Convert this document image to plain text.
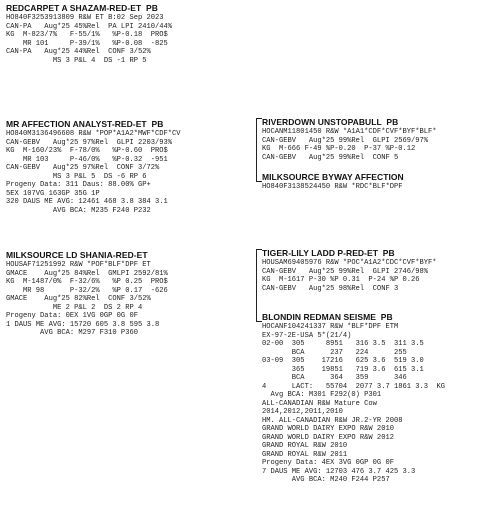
REDCARPET A SHAZAM-RED-ET  PB
HO840F3253913809 R&W ET B:02 Sep 2023
CAN-PA   Aug*25 45%Rel  PA LPI 2410/44%
KG  M-823/7%   F-55/1%   %P-0.18  PRO$
MR 101     P-39/1%   %P-0.08  -825
CAN-PA   Aug*25 44%Rel  CONF 3/52%
MS 3 P&L 4  DS -1 RP 5
MR AFFECTION ANALYST-RED-ET  PB
HO840M3136496608 R&W *POP*A1A2*MWF*CDF*CV
CAN-GEBV   Aug*25 97%Rel  GLPI 2203/93%
KG  M-160/23%  F-78/0%   %P-0.60  PRO$
MR 103     P-46/0%   %P-0.32  -951
CAN-GEBV   Aug*25 97%Rel  CONF 3/72%
MS 3 P&L 5  DS -6 RP 6
Progeny Data: 311 Daus: 88.00% GP+
5EX 107VG 163GP 35G 1P
320 DAUS ME AVG: 12461 468 3.8 384 3.1
AVG BCA: M235 F240 P232
RIVERDOWN UNSTOPABULL  PB
HOCANM11801450 R&W *A1A1*CDF*CVF*BYF*BLF*
CAN-GEBV   Aug*25 99%Rel  GLPI 2569/97%
KG  M-666 F-49 %P-0.20  P-37 %P-0.12
CAN-GEBV   Aug*25 99%Rel  CONF 5
MILKSOURCE BYWAY AFFECTION
HO840F3138524450 R&W *RDC*BLF*DPF
MILKSOURCE LD SHANIA-RED-ET
HOUSAF71251992 R&W *POF*BLF*DPF ET
GMACE    Aug*25 84%Rel  GMLPI 2592/81%
KG  M-1487/0%  F-32/6%   %P 0.25  PRO$
MR 98      P-32/2%   %P 0.17  -626
GMACE    Aug*25 82%Rel  CONF 3/52%
ME 2 P&L 2  DS 2 RP 4
Progeny Data: 0EX 1VG 0GP 0G 0F
1 DAUS ME AVG: 15720 605 3.8 595 3.8
AVG BCA: M297 F310 P360
TIGER-LILY LADD P-RED-ET  PB
HOUSAM69405976 R&W *POC*A1A2*CDC*CVF*BYF*
CAN-GEBV   Aug*25 99%Rel  GLPI 2746/98%
KG  M-1617 P-30 %P 0.31  P-24 %P 0.26
CAN-GEBV   Aug*25 98%Rel  CONF 3
BLONDIN REDMAN SEISME  PB
HOCANF104241337 R&W *BLF*DPF ETM
EX-97-2E-USA 5*(21/4)
02-00  305     8951   316 3.5  311 3.5
BCA      237   224      255
03-09  305    17216   625 3.6  519 3.0
365    19851   719 3.6  615 3.1
BCA      364   359      346
4      LACT:   55704  2077 3.7 1861 3.3  KG
Avg BCA: M301 F292(0) P301
ALL-CANADIAN R&W Mature Cow
2014,2012,2011,2010
HM. ALL-CANADIAN R&W JR.2-YR 2008
GRAND WORLD DAIRY EXPO R&W 2010
GRAND WORLD DAIRY EXPO R&W 2012
GRAND ROYAL R&W 2010
GRAND ROYAL R&W 2011
Progeny Data: 4EX 3VG 0GP 0G 0F
7 DAUS ME AVG: 12703 476 3.7 425 3.3
AVG BCA: M240 F244 P257
